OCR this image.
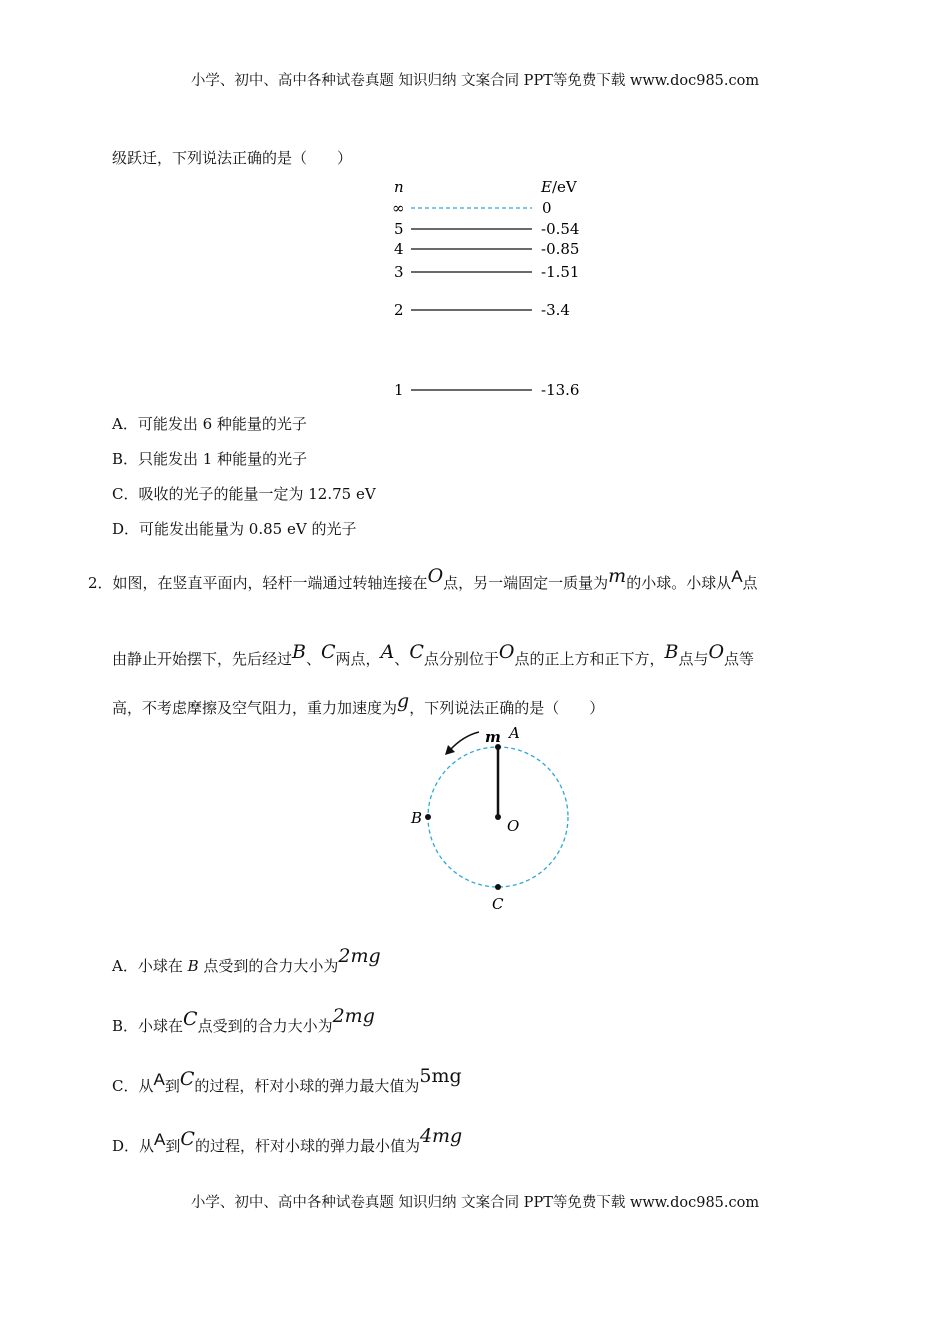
小学、初中、高中各种试卷真题 知识归纳 文案合同 PPT等免费下载 www.doc985.com
级跃迁，下列说法正确的是（　　）
n	E/eV
∞	0
5	-0.54
4	-0.85
3	-1.51
2	-3.4
1	-13.6
A．可能发出 6 种能量的光子
B．只能发出 1 种能量的光子
C．吸收的光子的能量一定为 12.75 eV
D．可能发出能量为 0.85 eV 的光子
2．如图，在竖直平面内，轻杆一端通过转轴连接在O点，另一端固定一质量为m的小球。小球从A点
由静止开始摆下，先后经过B、C两点，A、C点分别位于O点的正上方和正下方，B点与O点等
高，不考虑摩擦及空气阻力，重力加速度为g，下列说法正确的是（　　）
m A
B	O
C
A．小球在 B 点受到的合力大小为2mg
B．小球在C点受到的合力大小为2mg
C．从A到C的过程，杆对小球的弹力最大值为5mg
D．从A到C的过程，杆对小球的弹力最小值为4mg
小学、初中、高中各种试卷真题 知识归纳 文案合同 PPT等免费下载 www.doc985.com
